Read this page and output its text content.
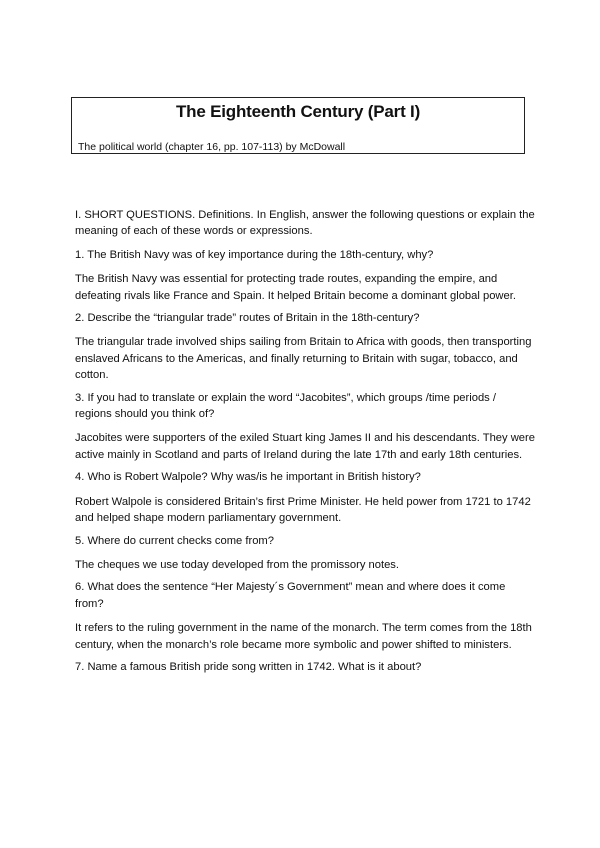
The Eighteenth Century (Part I)
The political world (chapter 16, pp. 107-113) by McDowall

I. SHORT QUESTIONS. Definitions. In English, answer the following questions or explain the meaning of each of these words or expressions.

1. The British Navy was of key importance during the 18th-century, why?

The British Navy was essential for protecting trade routes, expanding the empire, and defeating rivals like France and Spain. It helped Britain become a dominant global power.

2. Describe the “triangular trade” routes of Britain in the 18th-century?

The triangular trade involved ships sailing from Britain to Africa with goods, then transporting enslaved Africans to the Americas, and finally returning to Britain with sugar, tobacco, and cotton.

3. If you had to translate or explain the word “Jacobites”, which groups /time periods / regions should you think of?

Jacobites were supporters of the exiled Stuart king James II and his descendants. They were active mainly in Scotland and parts of Ireland during the late 17th and early 18th centuries.

4. Who is Robert Walpole? Why was/is he important in British history?

Robert Walpole is considered Britain’s first Prime Minister. He held power from 1721 to 1742 and helped shape modern parliamentary government.

5. Where do current checks come from?

The cheques we use today developed from the promissory notes.

6. What does the sentence “Her Majesty´s Government” mean and where does it come from?

It refers to the ruling government in the name of the monarch. The term comes from the 18th century, when the monarch’s role became more symbolic and power shifted to ministers.

7. Name a famous British pride song written in 1742. What is it about?
